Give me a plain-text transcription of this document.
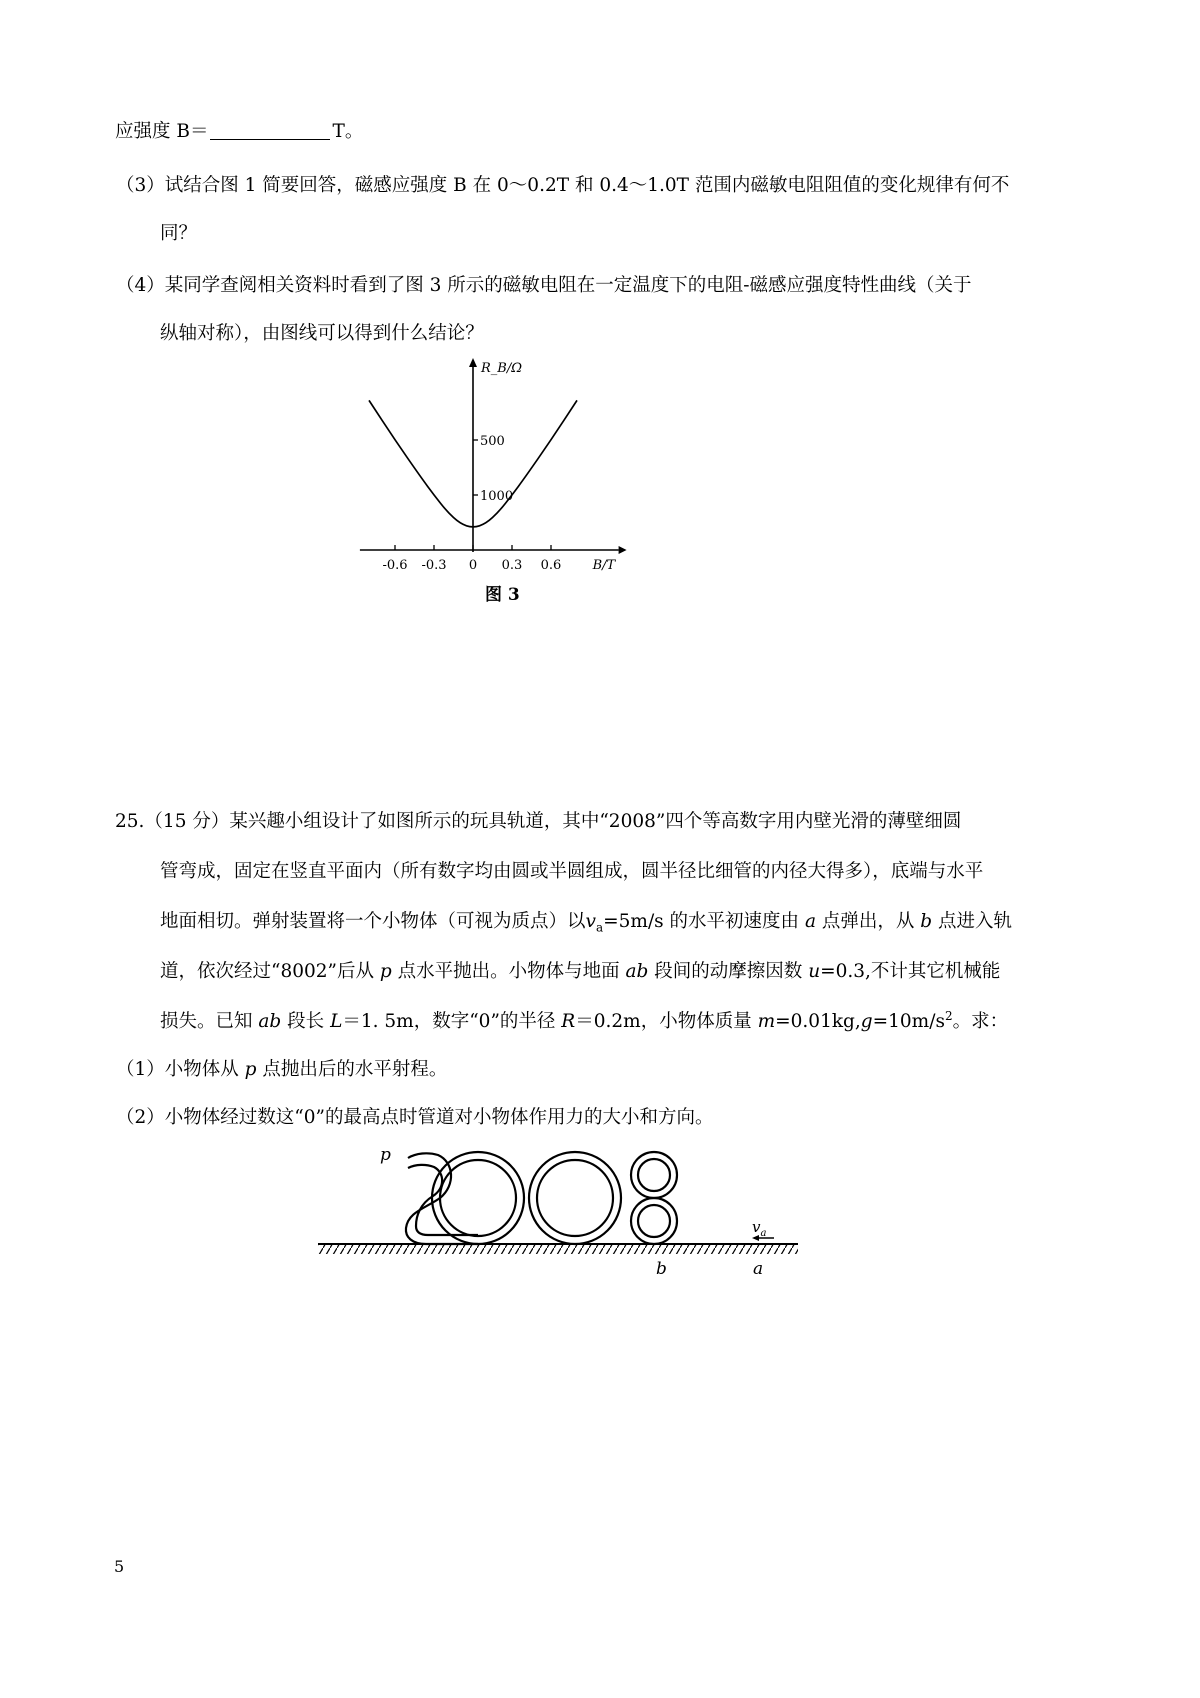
应强度 B＝	T。
（3）试结合图 1 简要回答，磁感应强度 B 在 0～0.2T 和 0.4～1.0T 范围内磁敏电阻阻值的变化规律有何不
同？
（4）某同学查阅相关资料时看到了图 3 所示的磁敏电阻在一定温度下的电阻-磁感应强度特性曲线（关于
纵轴对称），由图线可以得到什么结论？
1000
500
-0.6 -0.3 0 0.3 0.6
R_B/Ω
B/T
图 3
25.（15 分）某兴趣小组设计了如图所示的玩具轨道，其中“2008”四个等高数字用内壁光滑的薄壁细圆
管弯成，固定在竖直平面内（所有数字均由圆或半圆组成，圆半径比细管的内径大得多），底端与水平
地面相切。弹射装置将一个小物体（可视为质点）以$v_a=5m/s$ 的水平初速度由 a 点弹出，从 b 点进入轨
道，依次经过“8002”后从 p 点水平抛出。小物体与地面 ab 段间的动摩擦因数 u=0.3,不计其它机械能
损失。已知 ab 段长 L＝1. 5m，数字“0”的半径 R＝0.2m，小物体质量 $m=0.01kg,g=10m/s^2$。求：
（1）小物体从 p 点抛出后的水平射程。
（2）小物体经过数这“0”的最高点时管道对小物体作用力的大小和方向。
p
$v_a$
b	a
5
